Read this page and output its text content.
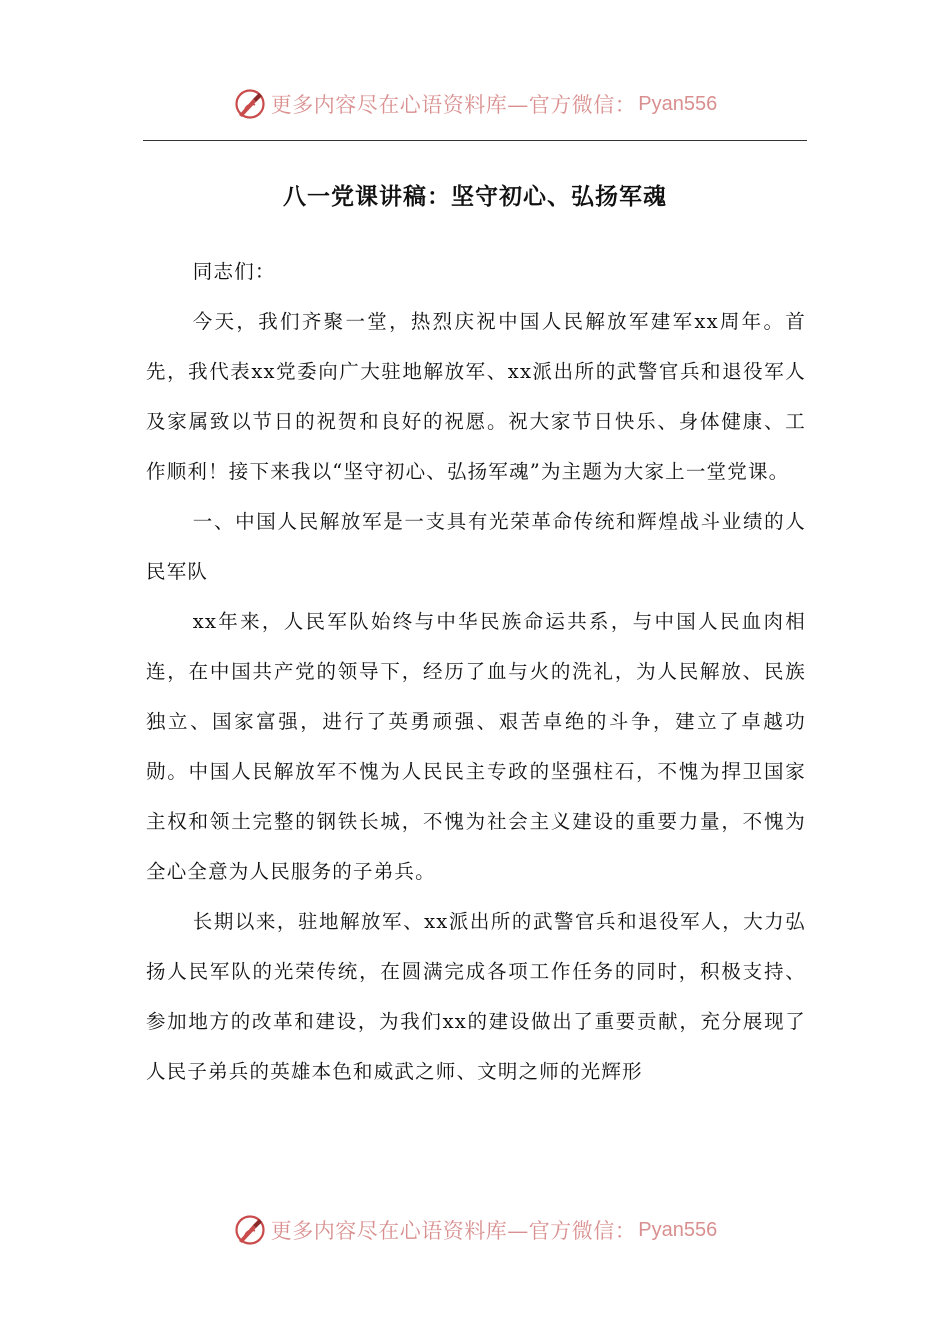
更多内容尽在心语资料库—官方微信： Pyan556
八一党课讲稿：坚守初心、弘扬军魂

同志们：

今天，我们齐聚一堂，热烈庆祝中国人民解放军建军xx周年。首先，我代表xx党委向广大驻地解放军、xx派出所的武警官兵和退役军人及家属致以节日的祝贺和良好的祝愿。祝大家节日快乐、身体健康、工作顺利！接下来我以“坚守初心、弘扬军魂”为主题为大家上一堂党课。

一、中国人民解放军是一支具有光荣革命传统和辉煌战斗业绩的人民军队

xx年来，人民军队始终与中华民族命运共系，与中国人民血肉相连，在中国共产党的领导下，经历了血与火的洗礼，为人民解放、民族独立、国家富强，进行了英勇顽强、艰苦卓绝的斗争，建立了卓越功勋。中国人民解放军不愧为人民民主专政的坚强柱石，不愧为捍卫国家主权和领土完整的钢铁长城，不愧为社会主义建设的重要力量，不愧为全心全意为人民服务的子弟兵。

长期以来，驻地解放军、xx派出所的武警官兵和退役军人，大力弘扬人民军队的光荣传统，在圆满完成各项工作任务的同时，积极支持、参加地方的改革和建设，为我们xx的建设做出了重要贡献，充分展现了人民子弟兵的英雄本色和威武之师、文明之师的光辉形

更多内容尽在心语资料库—官方微信： Pyan556
